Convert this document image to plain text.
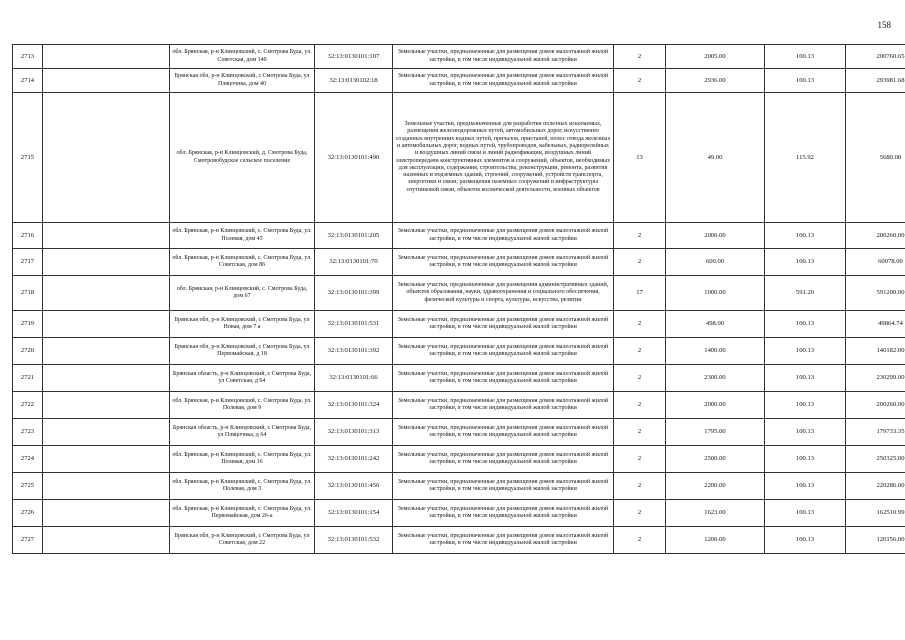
158
2713		обл. Брянская, р-н Клинцовский, с. Смотрова Буда, ул. Советская, дом 140	32:13:0130101:107	Земельные участки, предназначенные для размещения домов малоэтажной жилой застройки, в том числе индивидуальной жилой застройки	2	2005.00	100.13	200760.65
2714		Брянская обл, р-н Клинцовский, с Смотрова Буда, ул Пляцочнка, дом 40	32:13:0130102:18	Земельные участки, предназначенные для размещения домов малоэтажной жилой застройки, в том числе индивидуальной жилой застройки	2	2936.00	100.13	293981.68
2715		обл. Брянская, р-н Клинцовский, д. Смотрова Буда, Смотровобудское сельское поселение	32:13:0130101:490	Земельные участки, предназначенные для разработки полезных ископаемых, размещения железнодорожных путей, автомобильных дорог, искусственно созданных внутренних водных путей, причалов, пристаней, полос отвода железных и автомобильных дорог, водных путей, трубопроводов, кабельных, радиорелейных и воздушных линий связи и линий радиофикации, воздушных линий электропередачи конструктивных элементов и сооружений, объектов, необходимых для эксплуатации, содержания, строительства, реконструкции, ремонта, развития наземных и подземных зданий, строений, сооружений, устройств транспорта, энергетики и связи; размещения наземных сооружений и инфраструктуры спутниковой связи, объектов космической деятельности, военных объектов	13	49.00	115.92	5680.08
2716		обл. Брянская, р-н Клинцовский, с. Смотрова Буда, ул. Полевая, дом 45	32:13:0130101:205	Земельные участки, предназначенные для размещения домов малоэтажной жилой застройки, в том числе индивидуальной жилой застройки	2	2000.00	100.13	200260.00
2717		обл. Брянская, р-н Клинцовский, с. Смотрова Буда, ул. Советская, дом 86	32:13:0130101:70	Земельные участки, предназначенные для размещения домов малоэтажной жилой застройки, в том числе индивидуальной жилой застройки	2	600.00	100.13	60078.00
2718		обл. Брянская, р-н Клинцовский, с. Смотрова Буда, дом 67	32:13:0130101:399	Земельные участки, предназначенные для размещения административных зданий, объектов образования, науки, здравоохранения и социального обеспечения, физической культуры и спорта, культуры, искусства, религии	17	1000.00	591.20	591200.00
2719		Брянская обл, р-н Клинцовский, с Смотрова Буда, ул Новая, дом 7 а	32:13:0130101:531	Земельные участки, предназначенные для размещения домов малоэтажной жилой застройки, в том числе индивидуальной жилой застройки	2	498.00	100.13	49864.74
2720		Брянская обл, р-н Клинцовский, с Смотрова Буда, ул Первомайская, д 18	32:13:0130101:392	Земельные участки, предназначенные для размещения домов малоэтажной жилой застройки, в том числе индивидуальной жилой застройки	2	1400.00	100.13	140182.00
2721		Брянская область, р-н Клинцовский, с Смотрова Буда, ул Советская, д 64	32:13:0130101:66	Земельные участки, предназначенные для размещения домов малоэтажной жилой застройки, в том числе индивидуальной жилой застройки	2	2300.00	100.13	230299.00
2722		обл. Брянская, р-н Клинцовский, с. Смотрова Буда, ул. Полевая, дом 9	32:13:0130101:324	Земельные участки, предназначенные для размещения домов малоэтажной жилой застройки, в том числе индивидуальной жилой застройки	2	2000.00	100.13	200260.00
2723		Брянская область, р-н Клинцовский, с Смотрова Буда, ул Пляцочнка, д 64	32:13:0130101:313	Земельные участки, предназначенные для размещения домов малоэтажной жилой застройки, в том числе индивидуальной жилой застройки	2	1795.00	100.13	179733.35
2724		обл. Брянская, р-н Клинцовский, с. Смотрова Буда, ул. Полевая, дом 16	32:13:0130101:242	Земельные участки, предназначенные для размещения домов малоэтажной жилой застройки, в том числе индивидуальной жилой застройки	2	2500.00	100.13	250325.00
2725		обл. Брянская, р-н Клинцовский, с. Смотрова Буда, ул. Полевая, дом 3	32:13:0130101:456	Земельные участки, предназначенные для размещения домов малоэтажной жилой застройки, в том числе индивидуальной жилой застройки	2	2200.00	100.13	220286.00
2726		обл. Брянская, р-н Клинцовский, с. Смотрова Буда, ул. Первомайская, дом 26-а	32:13:0130101:154	Земельные участки, предназначенные для размещения домов малоэтажной жилой застройки, в том числе индивидуальной жилой застройки	2	1623.00	100.13	162510.99
2727		Брянская обл, р-н Клинцовский, с Смотрова Буда, ул Советская, дом 22	32:13:0130101:532	Земельные участки, предназначенные для размещения домов малоэтажной жилой застройки, в том числе индивидуальной жилой застройки	2	1200.00	100.13	120156.00
